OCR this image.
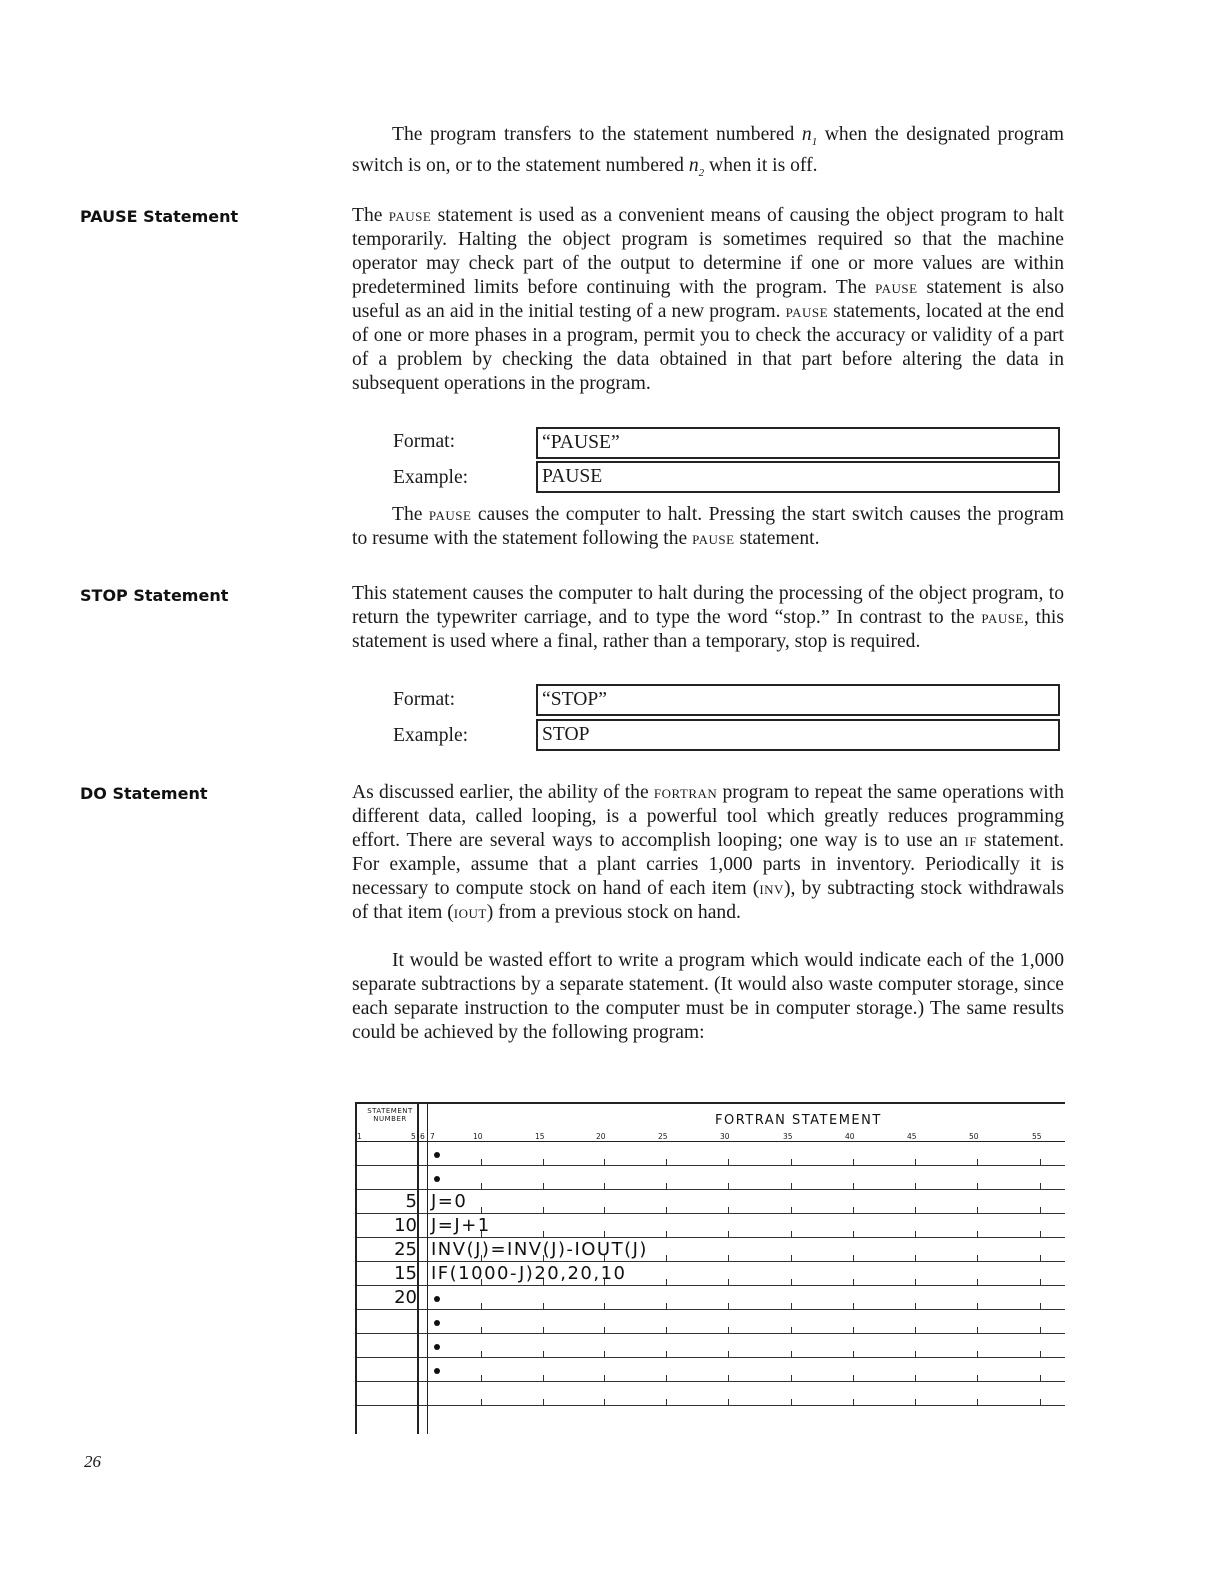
The program transfers to the statement numbered $n_1$ when the designated program switch is on, or to the statement numbered $n_2$ when it is off.

PAUSE Statement	The pause statement is used as a convenient means of causing the object program to halt temporarily. Halting the object program is sometimes required so that the machine operator may check part of the output to determine if one or more values are within predetermined limits before continuing with the program. The pause statement is also useful as an aid in the initial testing of a new program. pause statements, located at the end of one or more phases in a program, permit you to check the accuracy or validity of a part of a problem by checking the data obtained in that part before altering the data in subsequent operations in the program.

Format:	“PAUSE”
Example:	PAUSE

The pause causes the computer to halt. Pressing the start switch causes the program to resume with the statement following the pause statement.

STOP Statement	This statement causes the computer to halt during the processing of the object program, to return the typewriter carriage, and to type the word “stop.” In contrast to the pause, this statement is used where a final, rather than a temporary, stop is required.

Format:	“STOP”
Example:	STOP
DO Statement	As discussed earlier, the ability of the fortran program to repeat the same operations with different data, called looping, is a powerful tool which greatly reduces programming effort. There are several ways to accomplish looping; one way is to use an if statement. For example, assume that a plant carries 1,000 parts in inventory. Periodically it is necessary to compute stock on hand of each item (inv), by subtracting stock withdrawals of that item (iout) from a previous stock on hand.

It would be wasted effort to write a program which would indicate each of the 1,000 separate subtractions by a separate statement. (It would also waste computer storage, since each separate instruction to the computer must be in computer storage.) The same results could be achieved by the following program:

STATEMENT
NUMBER	FORTRAN STATEMENT
1	5 6 7	10	15	20	25	30	35	40	45	50	55
5 J=0
10 J=J+1
25 INV(J)=INV(J)-IOUT(J)
15 IF(1000-J)20,20,10
20
26
